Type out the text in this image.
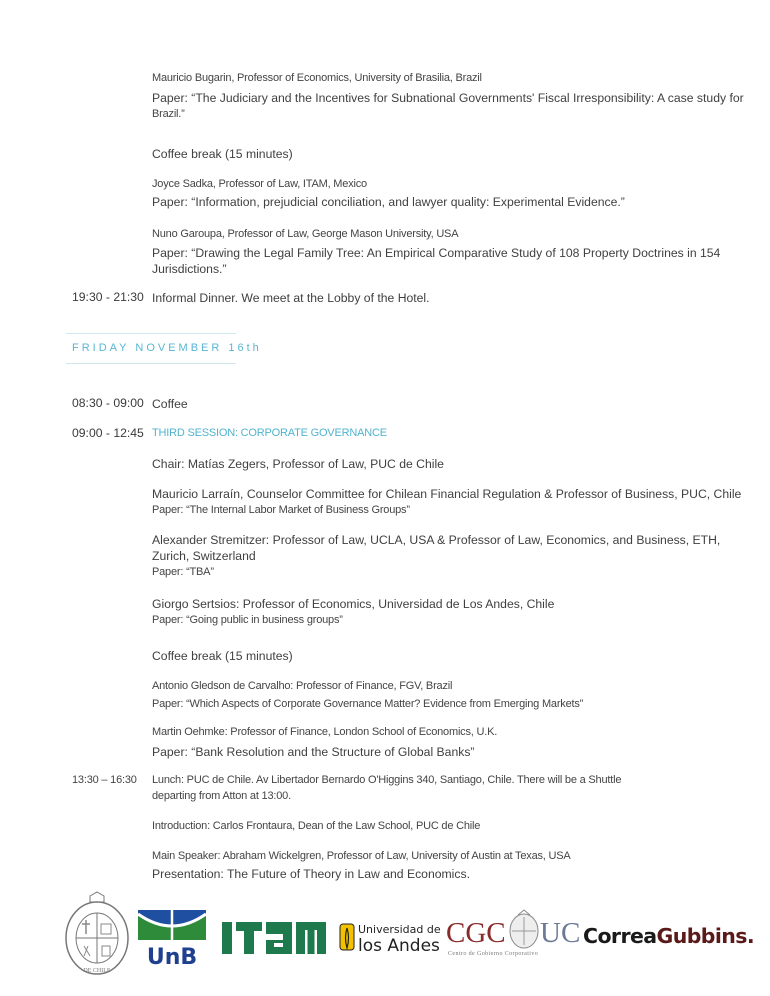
Mauricio Bugarin, Professor of Economics, University of Brasilia, Brazil
Paper: “The Judiciary and the Incentives for Subnational Governments' Fiscal Irresponsibility: A case study for
Brazil.”
Coffee break (15 minutes)
Joyce Sadka, Professor of Law, ITAM, Mexico
Paper: “Information, prejudicial conciliation, and lawyer quality: Experimental Evidence.”
Nuno Garoupa, Professor of Law, George Mason University, USA
Paper: “Drawing the Legal Family Tree: An Empirical Comparative Study of 108 Property Doctrines in 154
Jurisdictions.”
19:30 - 21:30 Informal Dinner. We meet at the Lobby of the Hotel.
FRIDAY NOVEMBER 16th
08:30 - 09:00 Coffee
09:00 - 12:45 THIRD SESSION: CORPORATE GOVERNANCE
Chair: Matías Zegers, Professor of Law, PUC de Chile
Mauricio Larraín, Counselor Committee for Chilean Financial Regulation & Professor of Business, PUC, Chile
Paper: “The Internal Labor Market of Business Groups”
Alexander Stremitzer: Professor of Law, UCLA, USA & Professor of Law, Economics, and Business, ETH,
Zurich, Switzerland
Paper: “TBA”
Giorgo Sertsios: Professor of Economics, Universidad de Los Andes, Chile
Paper: “Going public in business groups”
Coffee break (15 minutes)
Antonio Gledson de Carvalho: Professor of Finance, FGV, Brazil
Paper: “Which Aspects of Corporate Governance Matter? Evidence from Emerging Markets”
Martin Oehmke: Professor of Finance, London School of Economics, U.K.
Paper: “Bank Resolution and the Structure of Global Banks”
13:30 – 16:30 Lunch: PUC de Chile. Av Libertador Bernardo O'Higgins 340, Santiago, Chile. There will be a Shuttle
departing from Atton at 13:00.
Introduction: Carlos Frontaura, Dean of the Law School, PUC de Chile
Main Speaker: Abraham Wickelgren, Professor of Law, University of Austin at Texas, USA
Presentation: The Future of Theory in Law and Economics.
DE CHILE
UnB
Universidad de
los Andes CGC UC
Centro de Gobierno Corporativo
CorreaGubbins.
